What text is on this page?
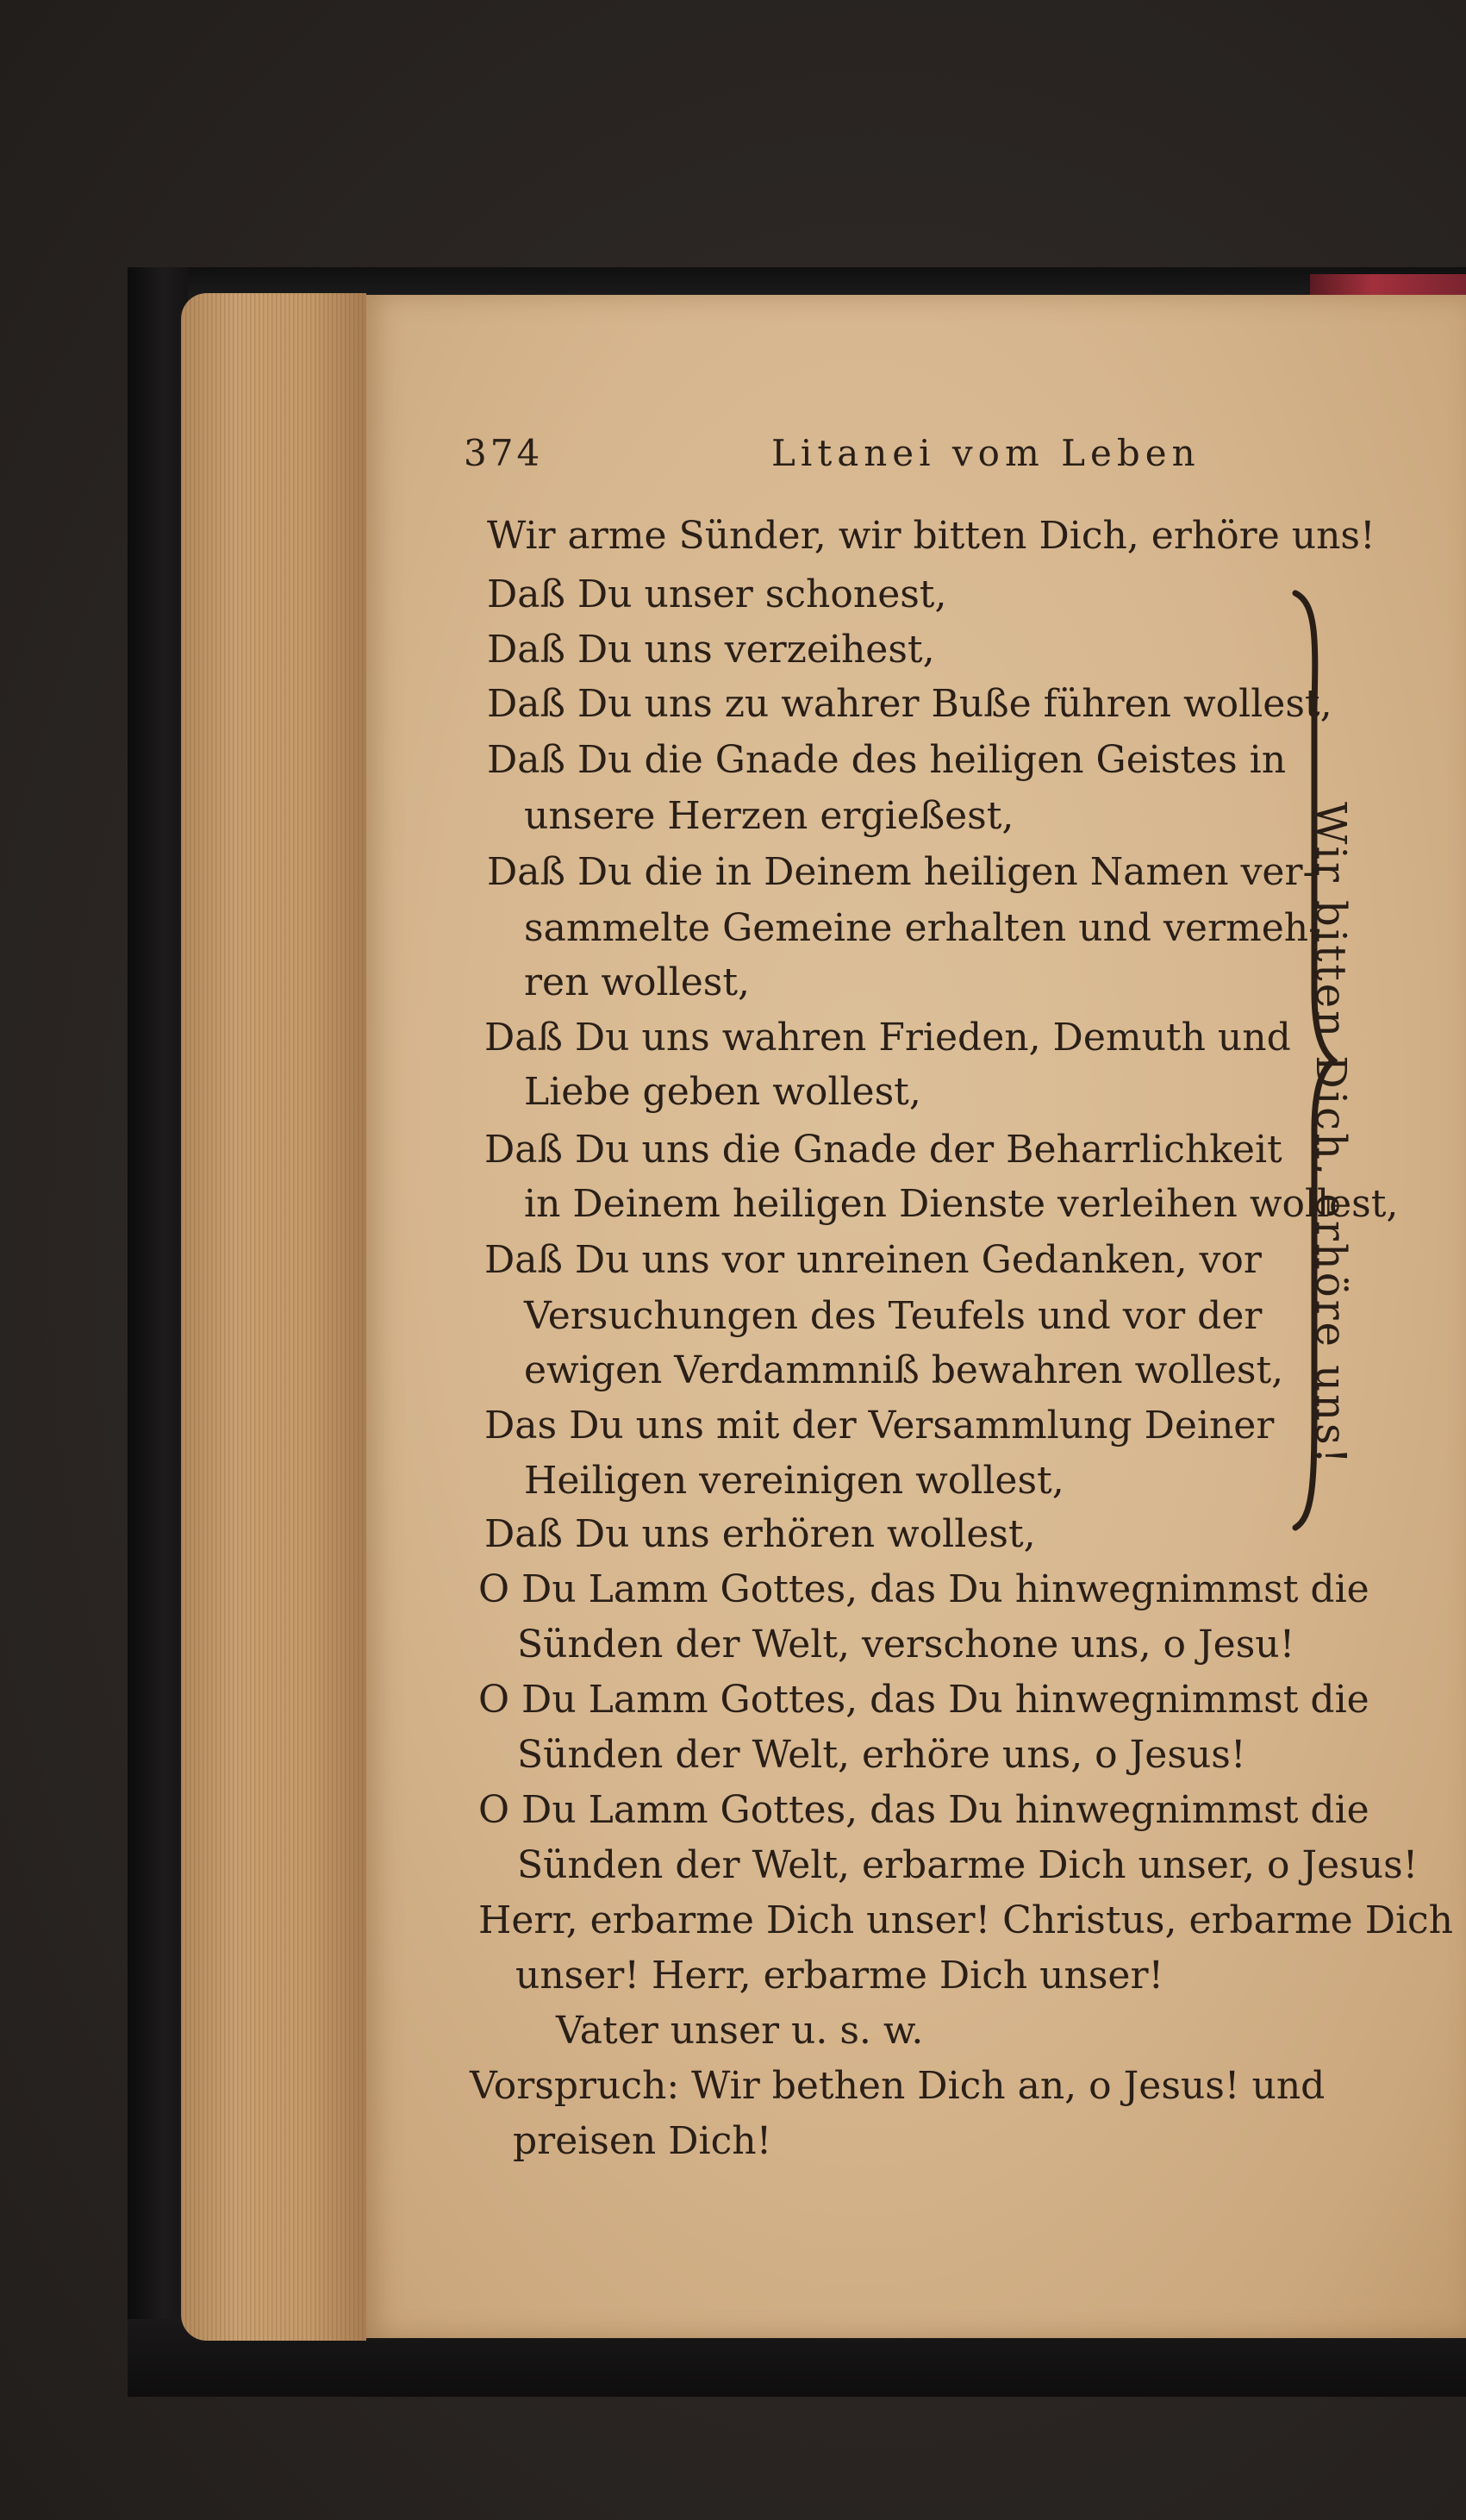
374	Litanei vom Leben
Wir arme Sünder, wir bitten Dich, erhöre uns!
Daß Du unser schonest,
Daß Du uns verzeihest,
Daß Du uns zu wahrer Buße führen wollest,
Daß Du die Gnade des heiligen Geistes in
unsere Herzen ergießest,
Daß Du die in Deinem heiligen Namen ver-
sammelte Gemeine erhalten und vermeh-
ren wollest,
Daß Du uns wahren Frieden, Demuth und
Liebe geben wollest,
Daß Du uns die Gnade der Beharrlichkeit
in Deinem heiligen Dienste verleihen wollest,
Daß Du uns vor unreinen Gedanken, vor
Versuchungen des Teufels und vor der
ewigen Verdammniß bewahren wollest,
Das Du uns mit der Versammlung Deiner
Heiligen vereinigen wollest,
Daß Du uns erhören wollest,
O Du Lamm Gottes, das Du hinwegnimmst die
Sünden der Welt, verschone uns, o Jesu!
O Du Lamm Gottes, das Du hinwegnimmst die
Sünden der Welt, erhöre uns, o Jesus!
O Du Lamm Gottes, das Du hinwegnimmst die
Sünden der Welt, erbarme Dich unser, o Jesus!
Herr, erbarme Dich unser! Christus, erbarme Dich
unser! Herr, erbarme Dich unser!
Vater unser u. s. w.
Vorspruch: Wir bethen Dich an, o Jesus! und
preisen Dich!
Wir bitten Dich, erhöre uns!
